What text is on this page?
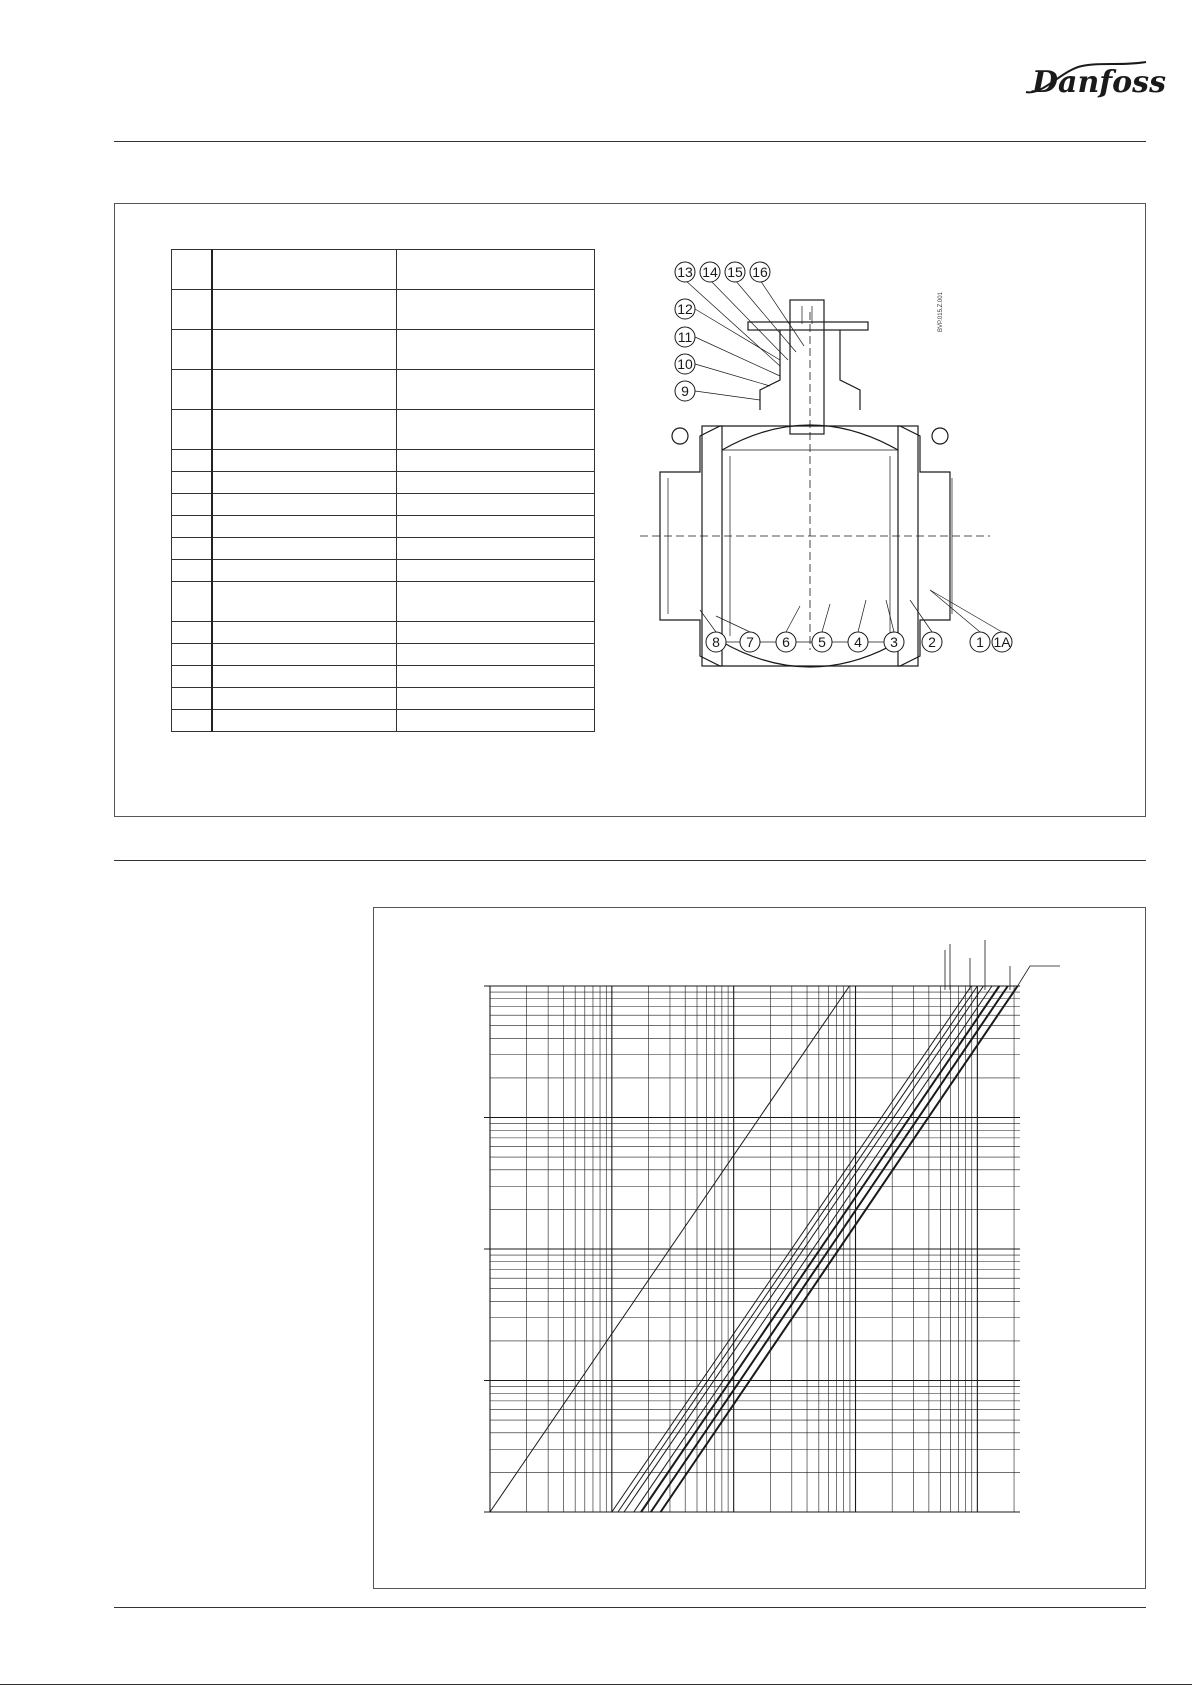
Danfoss

BVP.015.Z.001
13 14 15 16
12
11
10
9
8 7 6 5 4 3 2	1 1A
